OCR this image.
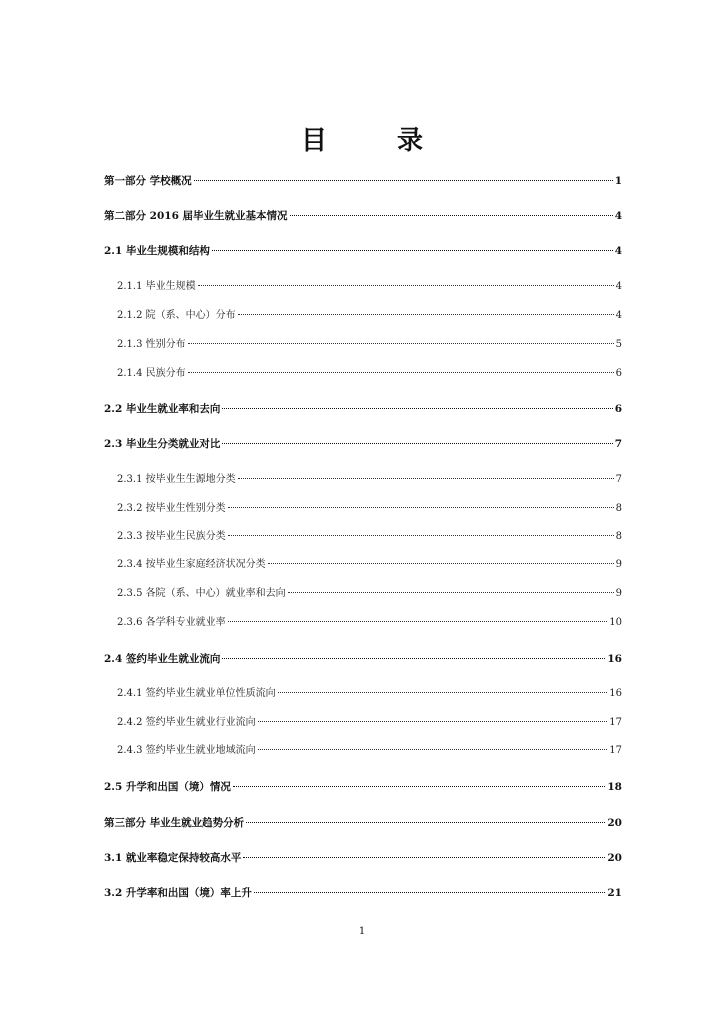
目　录
第一部分 学校概况	1
第二部分 2016 届毕业生就业基本情况	4
2.1 毕业生规模和结构	4
2.1.1 毕业生规模	4
2.1.2 院（系、中心）分布	4
2.1.3 性别分布	5
2.1.4 民族分布	6
2.2 毕业生就业率和去向	6
2.3 毕业生分类就业对比	7
2.3.1 按毕业生生源地分类	7
2.3.2 按毕业生性别分类	8
2.3.3 按毕业生民族分类	8
2.3.4 按毕业生家庭经济状况分类	9
2.3.5 各院（系、中心）就业率和去向	9
2.3.6 各学科专业就业率	10
2.4 签约毕业生就业流向	16
2.4.1 签约毕业生就业单位性质流向	16
2.4.2 签约毕业生就业行业流向	17
2.4.3 签约毕业生就业地域流向	17
2.5 升学和出国（境）情况	18
第三部分 毕业生就业趋势分析	20
3.1 就业率稳定保持较高水平	20
3.2 升学率和出国（境）率上升	21
1
